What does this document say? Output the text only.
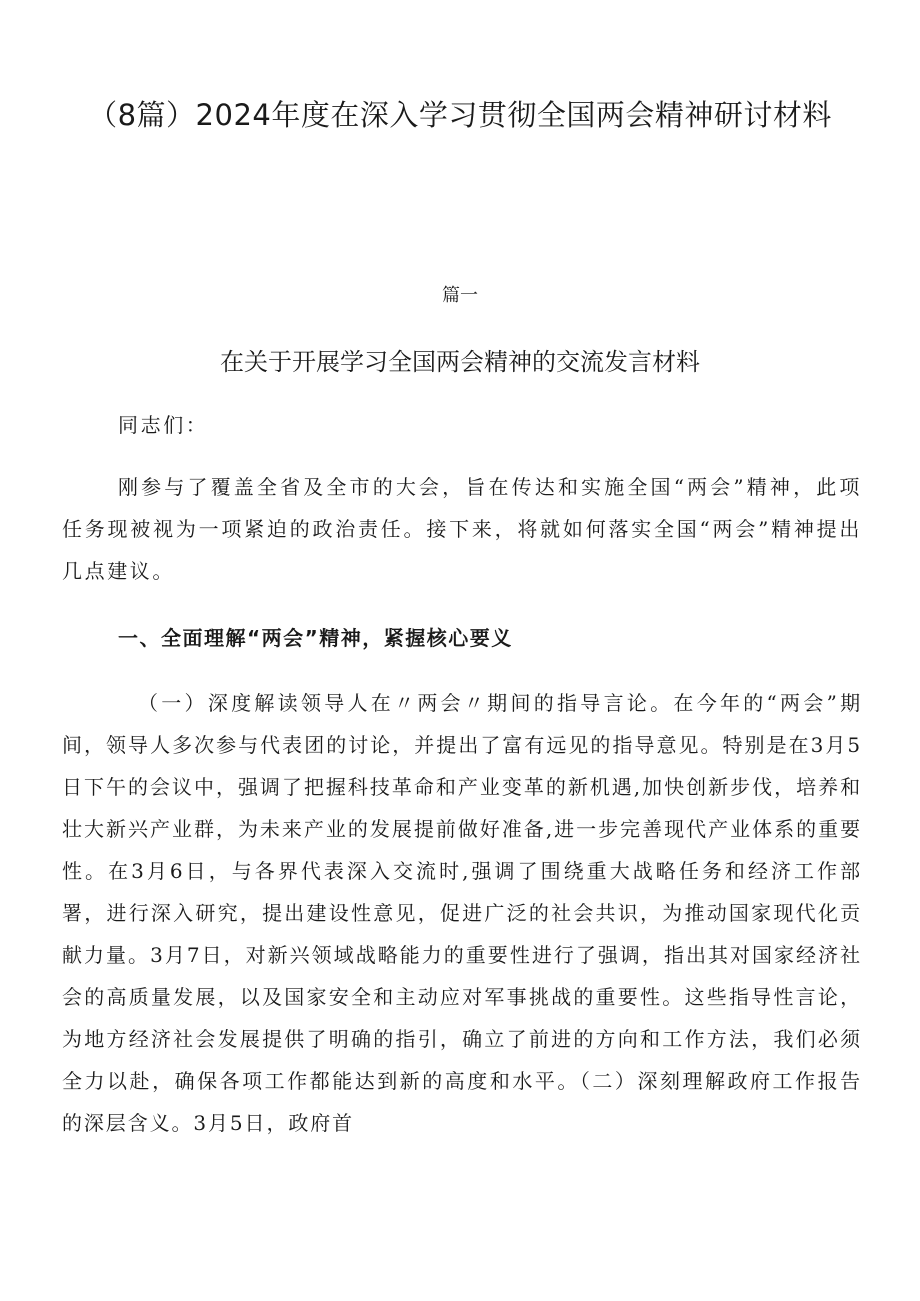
（8篇）2024年度在深入学习贯彻全国两会精神研讨材料
篇一
在关于开展学习全国两会精神的交流发言材料

同志们：

刚参与了覆盖全省及全市的大会，旨在传达和实施全国“两会”精神，此项任务现被视为一项紧迫的政治责任。接下来，将就如何落实全国“两会”精神提出几点建议。

一、全面理解“两会”精神，紧握核心要义

（一）深度解读领导人在〃两会〃期间的指导言论。在今年的“两会”期间，领导人多次参与代表团的讨论，并提出了富有远见的指导意见。特别是在3月5日下午的会议中，强调了把握科技革命和产业变革的新机遇,加快创新步伐，培养和壮大新兴产业群，为未来产业的发展提前做好准备,进一步完善现代产业体系的重要性。在3月6日，与各界代表深入交流时,强调了围绕重大战略任务和经济工作部署，进行深入研究，提出建设性意见，促进广泛的社会共识，为推动国家现代化贡献力量。3月7日，对新兴领域战略能力的重要性进行了强调，指出其对国家经济社会的高质量发展，以及国家安全和主动应对军事挑战的重要性。这些指导性言论，为地方经济社会发展提供了明确的指引，确立了前进的方向和工作方法，我们必须全力以赴，确保各项工作都能达到新的高度和水平。（二）深刻理解政府工作报告的深层含义。3月5日，政府首
